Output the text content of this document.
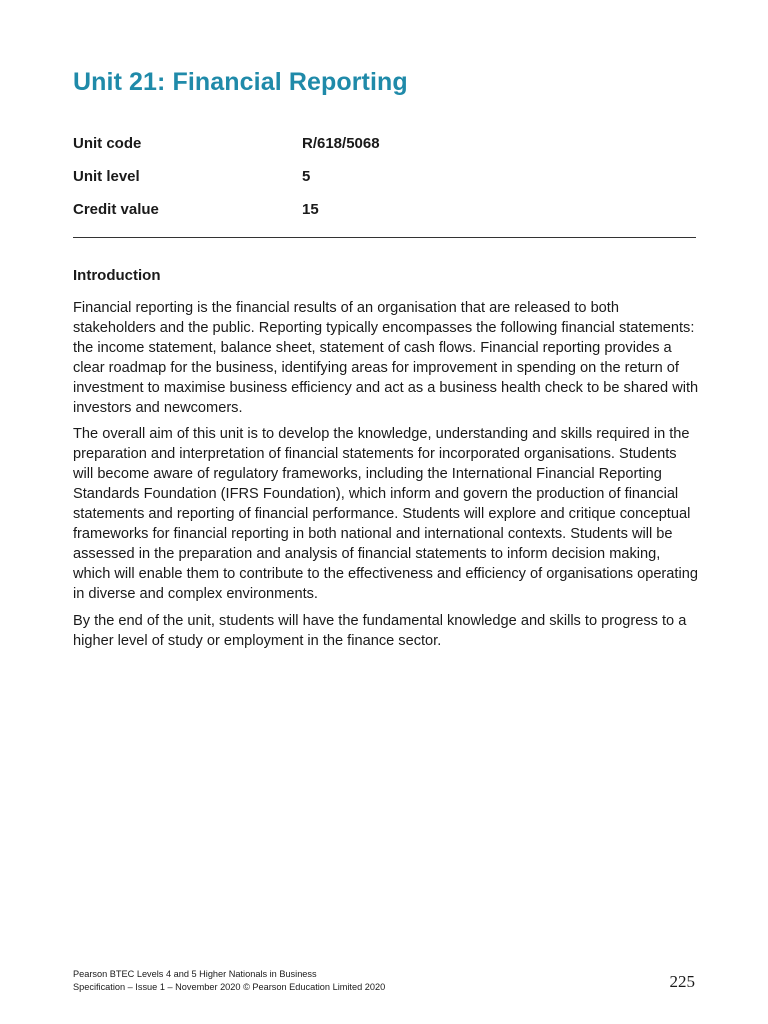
Unit 21: Financial Reporting
Unit code	R/618/5068
Unit level	5
Credit value	15
Introduction

Financial reporting is the financial results of an organisation that are released to both stakeholders and the public. Reporting typically encompasses the following financial statements: the income statement, balance sheet, statement of cash flows. Financial reporting provides a clear roadmap for the business, identifying areas for improvement in spending on the return of investment to maximise business efficiency and act as a business health check to be shared with investors and newcomers.

The overall aim of this unit is to develop the knowledge, understanding and skills required in the preparation and interpretation of financial statements for incorporated organisations. Students will become aware of regulatory frameworks, including the International Financial Reporting Standards Foundation (IFRS Foundation), which inform and govern the production of financial statements and reporting of financial performance. Students will explore and critique conceptual frameworks for financial reporting in both national and international contexts. Students will be assessed in the preparation and analysis of financial statements to inform decision making, which will enable them to contribute to the effectiveness and efficiency of organisations operating in diverse and complex environments.

By the end of the unit, students will have the fundamental knowledge and skills to progress to a higher level of study or employment in the finance sector.

Pearson BTEC Levels 4 and 5 Higher Nationals in Business
Specification – Issue 1 – November 2020 © Pearson Education Limited 2020	225
